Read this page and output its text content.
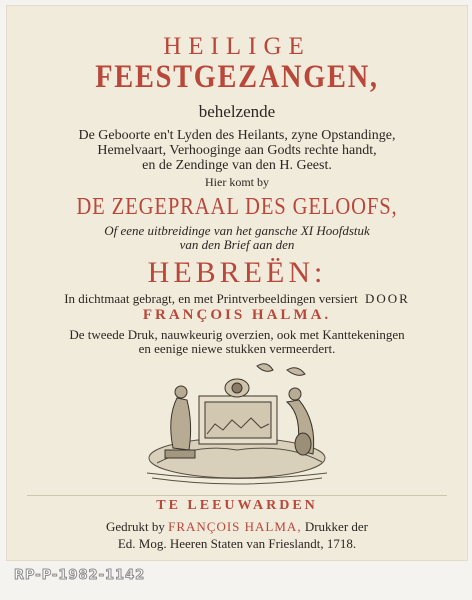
HEILIGE
FEESTGEZANGEN,
behelzende
De Geboorte en't Lyden des Heilants, zyne Opstandinge,
Hemelvaart, Verhooginge aan Godts rechte handt,
en de Zendinge van den H. Geest.
Hier komt by
DE ZEGEPRAAL DES GELOOFS,
Of eene uitbreidinge van het gansche XI Hoofdstuk
van den Brief aan den
HEBREËN:
In dichtmaat gebragt, en met Printverbeeldingen versiert DOOR
FRANÇOIS HALMA.
De tweede Druk, nauwkeurig overzien, ook met Kanttekeningen
en eenige niewe stukken vermeerdert.
TE LEEUWARDEN
Gedrukt by FRANÇOIS HALMA, Drukker der
Ed. Mog. Heeren Staten van Frieslandt, 1718.
RP-P-1982-1142
